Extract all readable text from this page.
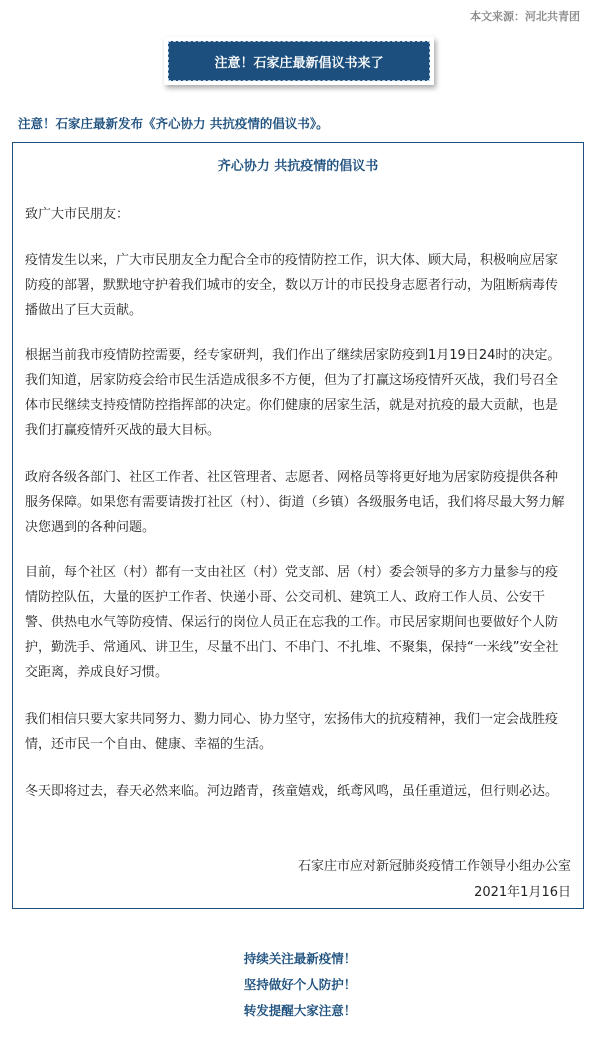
本文来源：河北共青团
注意！石家庄最新倡议书来了
注意！石家庄最新发布《齐心协力 共抗疫情的倡议书》。
齐心协力 共抗疫情的倡议书

致广大市民朋友：

疫情发生以来，广大市民朋友全力配合全市的疫情防控工作，识大体、顾大局，积极响应居家防疫的部署，默默地守护着我们城市的安全，数以万计的市民投身志愿者行动，为阻断病毒传播做出了巨大贡献。

根据当前我市疫情防控需要，经专家研判，我们作出了继续居家防疫到1月19日24时的决定。我们知道，居家防疫会给市民生活造成很多不方便，但为了打赢这场疫情歼灭战，我们号召全体市民继续支持疫情防控指挥部的决定。你们健康的居家生活，就是对抗疫的最大贡献，也是我们打赢疫情歼灭战的最大目标。

政府各级各部门、社区工作者、社区管理者、志愿者、网格员等将更好地为居家防疫提供各种服务保障。如果您有需要请拨打社区（村）、街道（乡镇）各级服务电话，我们将尽最大努力解决您遇到的各种问题。

目前，每个社区（村）都有一支由社区（村）党支部、居（村）委会领导的多方力量参与的疫情防控队伍，大量的医护工作者、快递小哥、公交司机、建筑工人、政府工作人员、公安干警、供热电水气等防疫情、保运行的岗位人员正在忘我的工作。市民居家期间也要做好个人防护，勤洗手、常通风、讲卫生，尽量不出门、不串门、不扎堆、不聚集，保持“一米线”安全社交距离，养成良好习惯。

我们相信只要大家共同努力、勠力同心、协力坚守，宏扬伟大的抗疫精神，我们一定会战胜疫情，还市民一个自由、健康、幸福的生活。

冬天即将过去，春天必然来临。河边踏青，孩童嬉戏，纸鸢风鸣，虽任重道远，但行则必达。

石家庄市应对新冠肺炎疫情工作领导小组办公室
2021年1月16日
持续关注最新疫情！
坚持做好个人防护！
转发提醒大家注意！
